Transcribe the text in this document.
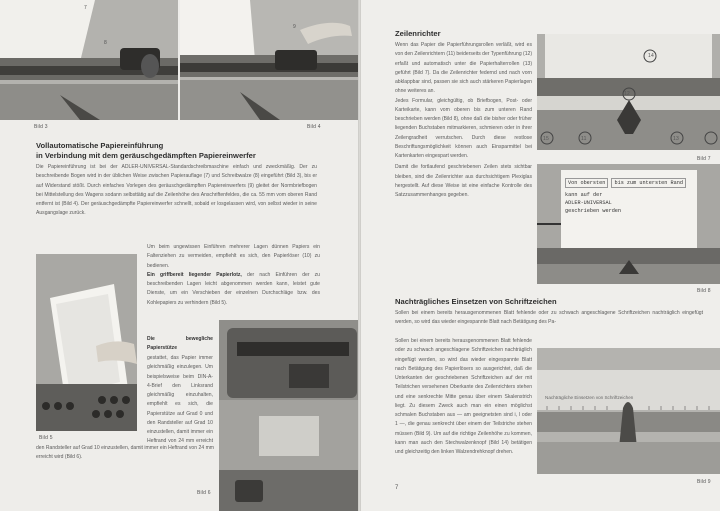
Bild 3
7
8
Bild 4
9
Vollautomatische Papiereinführung
in Verbindung mit dem geräuschgedämpften Papiereinwerfer

Die Papiereinführung ist bei der ADLER-UNIVERSAL-Standardschreibmaschine einfach und zweckmäßig. Der zu beschreibende Bogen wird in der üblichen Weise zwischen Papierauflage (7) und Schreibwalze (8) eingeführt (Bild 3), bis er auf Widerstand stößt. Durch einfaches Vorlegen des geräuschgedämpften Papiereinwerfers (9) gleitet der Normbriefbogen bei Mittelstellung des Wagens sodann selbsttätig auf die Zeilenhöhe des Anschriftenfeldes, die ca. 55 mm vom oberen Rand entfernt ist (Bild 4). Der geräuschgedämpfte Papiereinwerfer schnellt, sobald er losgelassen wird, von selbst wieder in seine Ausgangslage zurück.

Bild 5

Um beim ungewissen Einführen mehrerer Lagen dünnen Papiers ein Faltenziehen zu vermeiden, empfiehlt es sich, den Papierlöser (10) zu bedienen.

Ein griffbereit liegender Papierlotz, der nach Einführen der zu beschreibenden Lagen leicht abgenommen werden kann, leistet gute Dienste, um ein Verschieben der einzelnen Durchschläge bzw. des Kohlepapiers zu verhindern (Bild 5).

Die bewegliche Papierstütze

gestattet, das Papier immer gleichmäßig einzulegen. Um beispielsweise beim DIN-A-4-Brief den Linksrand gleichmäßig einzuhalten, empfiehlt es sich, die Papierstütze auf Grad 0 und den Randsteller auf Grad 10 einzustellen, damit immer ein Heftrand von 24 mm erreicht

den Randsteller auf Grad 10 einzustellen, damit immer ein Heftrand von 24 mm erreicht wird (Bild 6).

Bild 6
Zeilenrichter

Wenn das Papier die Papierführungsrollen verläßt, wird es von den Zeilenrichtern (11) beiderseits der Typenführung (12) erfaßt und automatisch unter die Papierhalterrollen (13) geführt (Bild 7). Da die Zeilenrichter federnd und nach vorn abklappbar sind, passen sie sich auch stärkeren Papierlagen ohne weiteres an.

Jedes Formular, gleichgültig, ob Briefbogen, Post- oder Karteikarte, kann vom oberen bis zum unteren Rand beschrieben werden (Bild 8), ohne daß die bisher oder früher liegenden Buchstaben mitmarkieren, schmieren oder in ihrer Zeilengradheit verrutschen. Durch diese restlose Beschriftungsmöglichkeit können auch Einsparmittel bei Kartenkarten eingespart werden.

Damit die fortlaufend geschriebenen Zeilen stets sichtbar bleiben, sind die Zeilenrichter aus durchsichtigem Plexiglas hergestellt. Auf diese Weise ist eine einfache Kontrolle des Satzzusammenhanges gegeben.

14
15	11
12
13
Bild 7
Von obersten bis zum untersten Rand
kann auf der
ADLER-UNIVERSAL
geschrieben werden
Bild 8
Nachträgliches Einsetzen von Schriftzeichen

Sollen bei einem bereits herausgenommenen Blatt fehlende oder zu schwach angeschlagene Schriftzeichen nachträglich eingefügt werden, so wird das wieder eingespannte Blatt nach Betätigung des Pa-

Sollen bei einem bereits herausgenommenen Blatt fehlende oder zu schwach angeschlagene Schriftzeichen nachträglich eingefügt werden, so wird das wieder eingespannte Blatt nach Betätigung des Papierlösers so ausgerichtet, daß die Unterkanten der geschriebenen Schriftzeichen auf der mit Teilstrichen versehenen Oberkante des Zeilenrichters stehen und eine senkrechte Mitte genau über einem Skalenstrich liegt. Zu diesem Zweck auch man ein einen möglichst schmalen Buchstaben aus — am geeignetsten sind i, l oder 1 —, die genau senkrecht über einem der Teilstriche stehen müssen (Bild 9). Um auf die richtige Zeilenhöhe zu kommen, kann man auch den Stechwalzenknopf (Bild 14) betätigen und gleichzeitig den linken Walzendrehknopf drehen.

Nachträgliche Einsetzen von Schriftzeichen
Bild 9
7
